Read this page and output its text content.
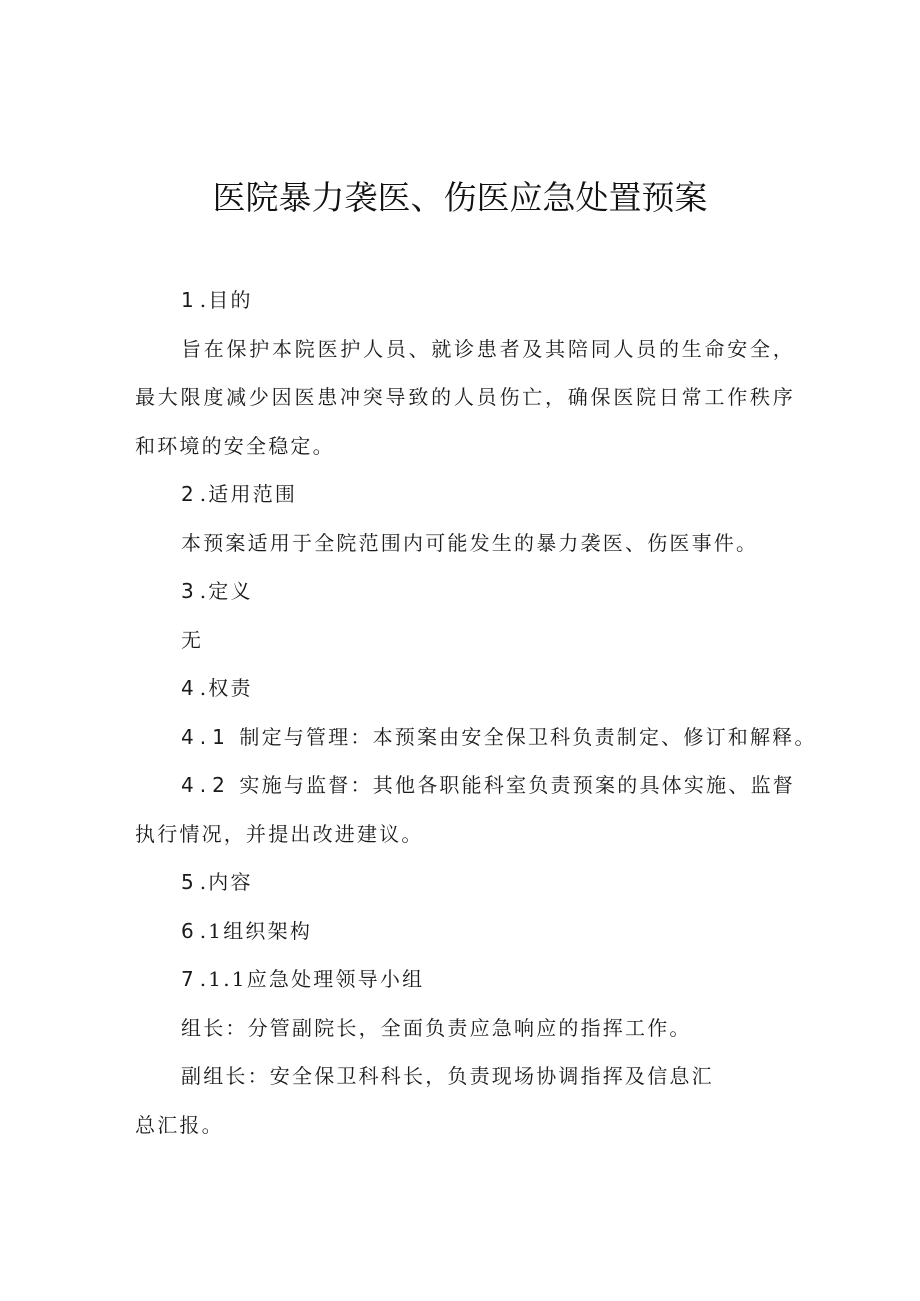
医院暴力袭医、伤医应急处置预案

1.目的

旨在保护本院医护人员、就诊患者及其陪同人员的生命安全，最大限度减少因医患冲突导致的人员伤亡，确保医院日常工作秩序和环境的安全稳定。

2.适用范围

本预案适用于全院范围内可能发生的暴力袭医、伤医事件。

3.定义

无

4.权责

4.1 制定与管理：本预案由安全保卫科负责制定、修订和解释。

4.2 实施与监督：其他各职能科室负责预案的具体实施、监督执行情况，并提出改进建议。

5.内容

6.1组织架构

7.1.1应急处理领导小组

组长：分管副院长，全面负责应急响应的指挥工作。

副组长：安全保卫科科长，负责现场协调指挥及信息汇

总汇报。
